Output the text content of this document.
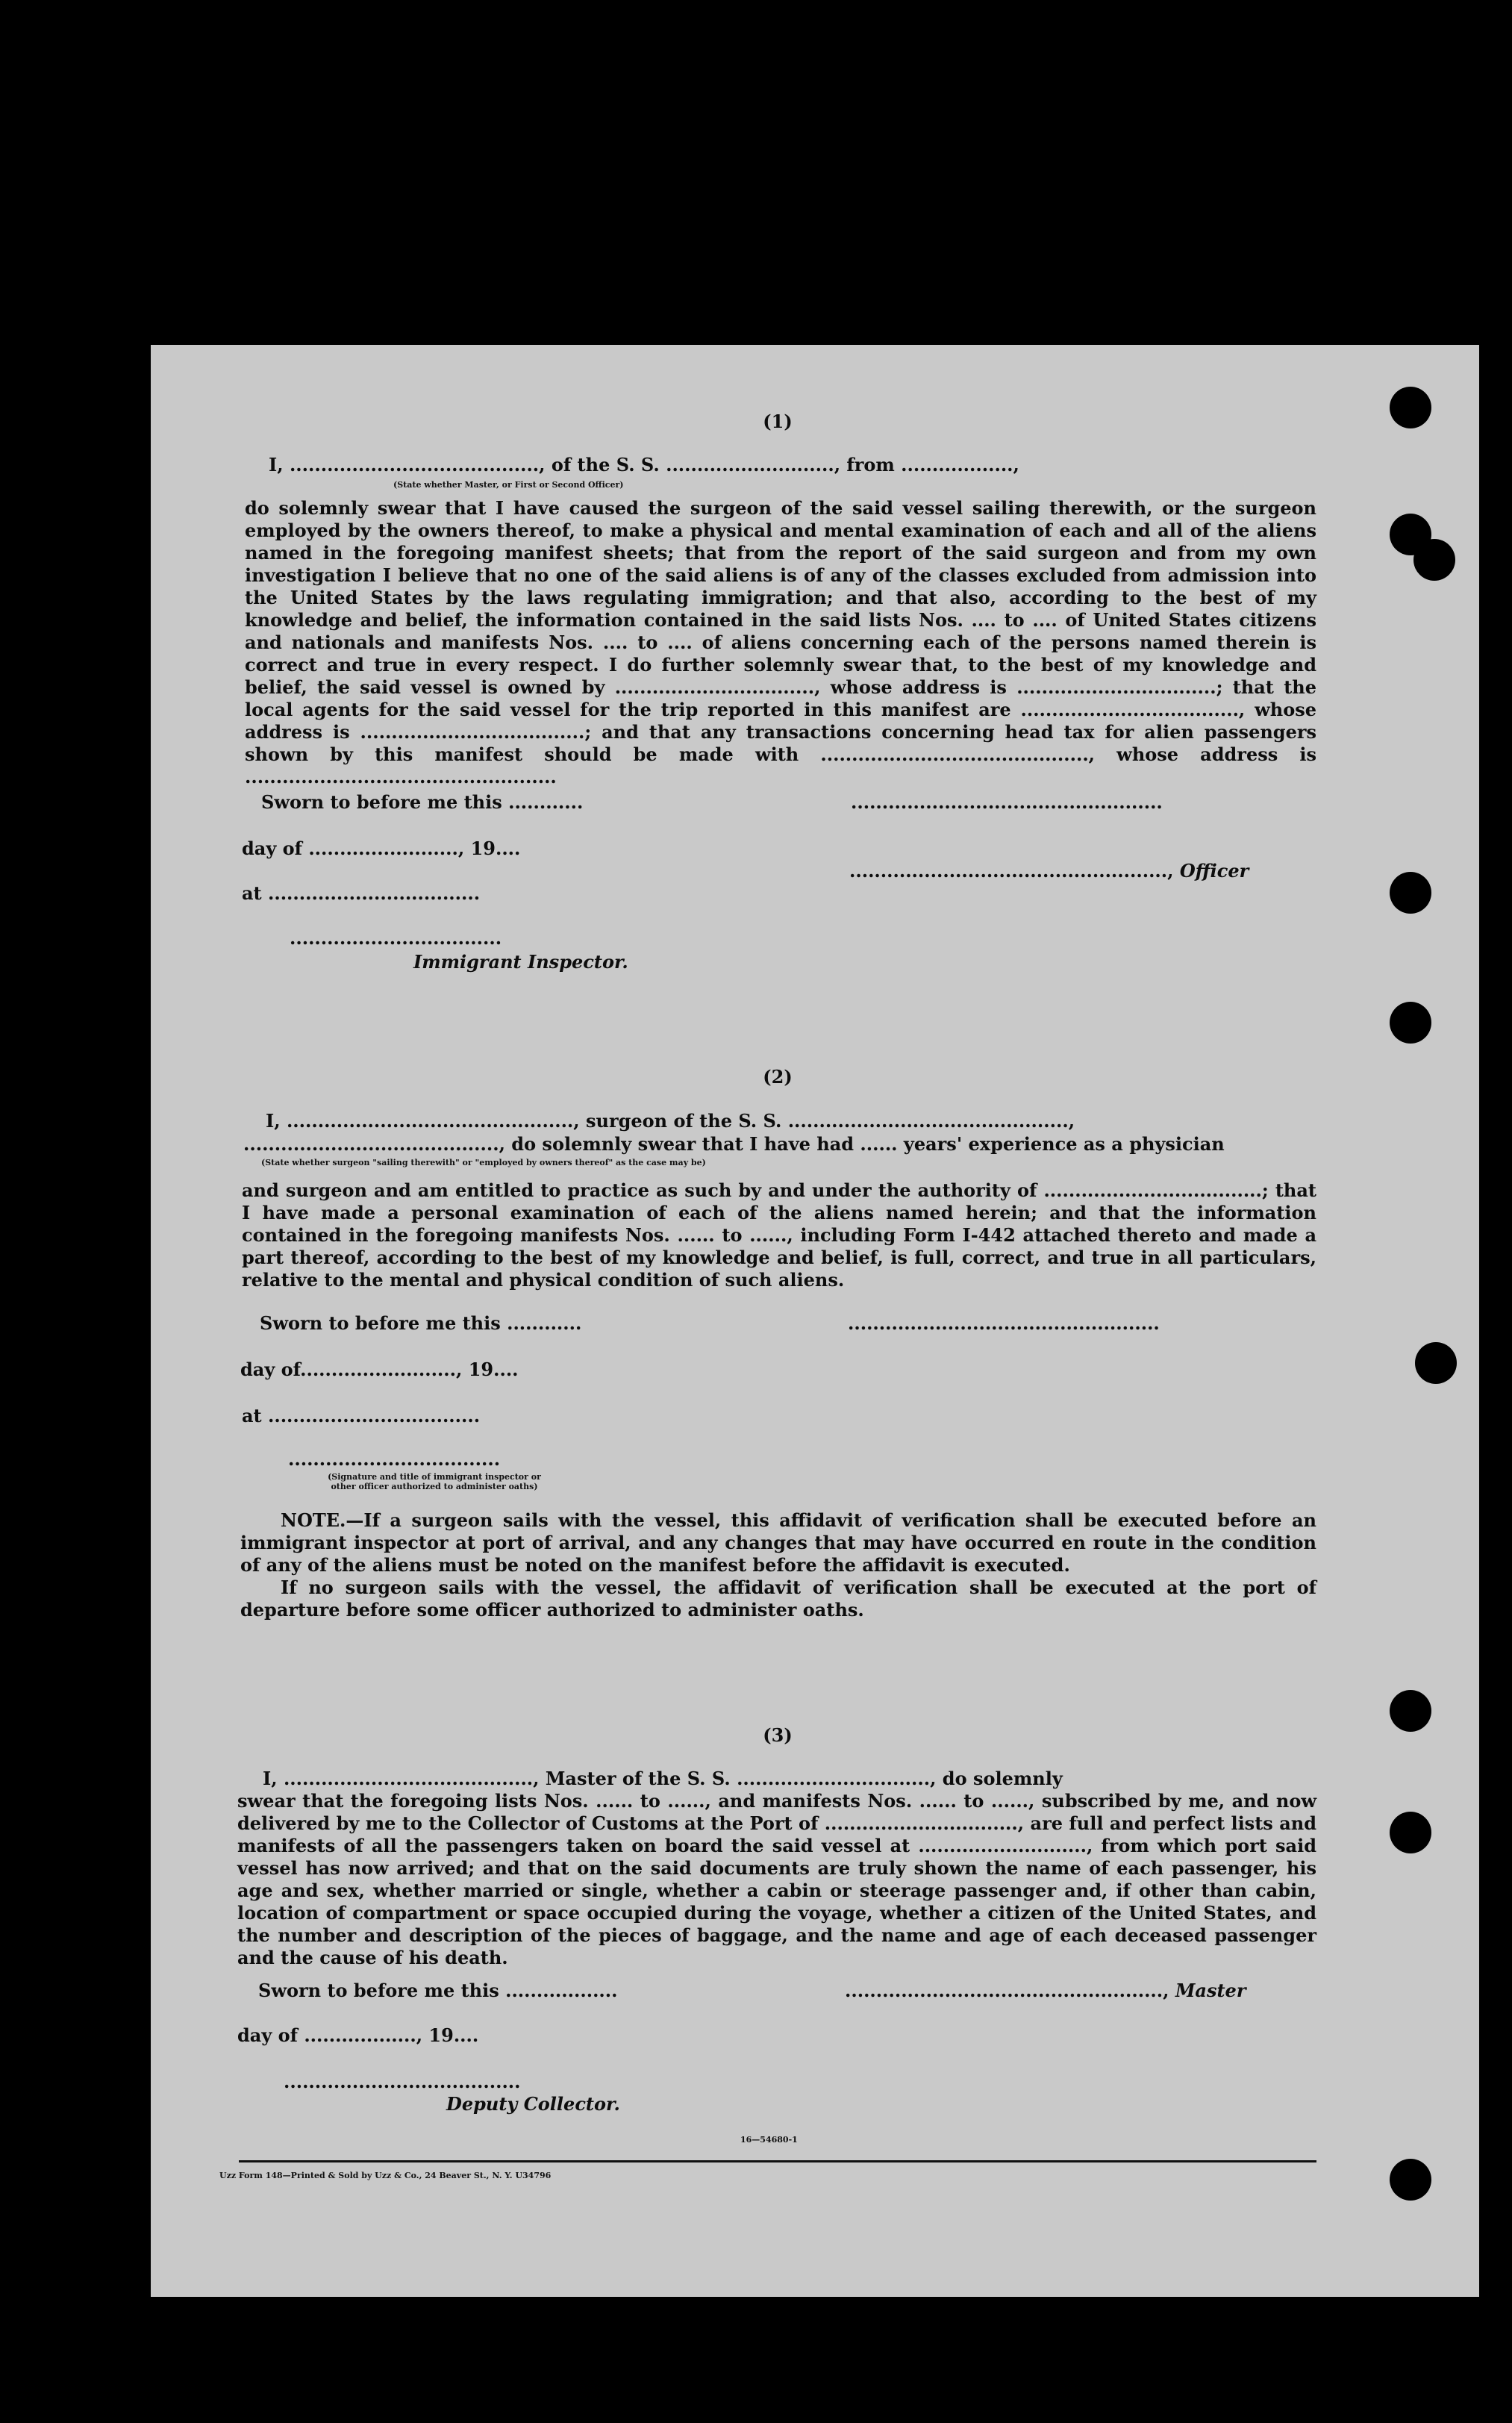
(1)
I, ........................................, of the S. S. ..........................., from ..................,
(State whether Master, or First or Second Officer)
do solemnly swear that I have caused the surgeon of the said vessel sailing therewith, or the surgeon employed by the owners thereof, to make a physical and mental examination of each and all of the aliens named in the foregoing manifest sheets; that from the report of the said surgeon and from my own investigation I believe that no one of the said aliens is of any of the classes excluded from admission into the United States by the laws regulating immigration; and that also, according to the best of my knowledge and belief, the information contained in the said lists Nos. .... to .... of United States citizens and nationals and manifests Nos. .... to .... of aliens concerning each of the persons named therein is correct and true in every respect. I do further solemnly swear that, to the best of my knowledge and belief, the said vessel is owned by ................................, whose address is ................................; that the local agents for the said vessel for the trip reported in this manifest are ..................................., whose address is ....................................; and that any transactions concerning head tax for alien passengers shown by this manifest should be made with ..........................................., whose address is ..................................................
Sworn to before me this ............	..................................................
day of ........................, 19....
..................................................., Officer
at ..................................
..................................
Immigrant Inspector.
(2)
I, .............................................., surgeon of the S. S. .............................................,
........................................., do solemnly swear that I have had ...... years' experience as a physician
(State whether surgeon "sailing therewith" or "employed by owners thereof" as the case may be)
and surgeon and am entitled to practice as such by and under the authority of ...................................; that I have made a personal examination of each of the aliens named herein; and that the information contained in the foregoing manifests Nos. ...... to ......, including Form I-442 attached thereto and made a part thereof, according to the best of my knowledge and belief, is full, correct, and true in all particulars, relative to the mental and physical condition of such aliens.
Sworn to before me this ............	..................................................
day of........................., 19....
at ..................................
..................................
(Signature and title of immigrant inspector or
other officer authorized to administer oaths)
NOTE.—If a surgeon sails with the vessel, this affidavit of verification shall be executed before an immigrant inspector at port of arrival, and any changes that may have occurred en route in the condition of any of the aliens must be noted on the manifest before the affidavit is executed.
If no surgeon sails with the vessel, the affidavit of verification shall be executed at the port of departure before some officer authorized to administer oaths.
(3)
I, ........................................, Master of the S. S. ..............................., do solemnly
swear that the foregoing lists Nos. ...... to ......, and manifests Nos. ...... to ......, subscribed by me, and now delivered by me to the Collector of Customs at the Port of ..............................., are full and perfect lists and manifests of all the passengers taken on board the said vessel at ..........................., from which port said vessel has now arrived; and that on the said documents are truly shown the name of each passenger, his age and sex, whether married or single, whether a cabin or steerage passenger and, if other than cabin, location of compartment or space occupied during the voyage, whether a citizen of the United States, and the number and description of the pieces of baggage, and the name and age of each deceased passenger and the cause of his death.
Sworn to before me this ..................	..................................................., Master
day of .................., 19....
......................................
Deputy Collector.
16—54680-1
Uzz Form 148—Printed & Sold by Uzz & Co., 24 Beaver St., N. Y. U34796
